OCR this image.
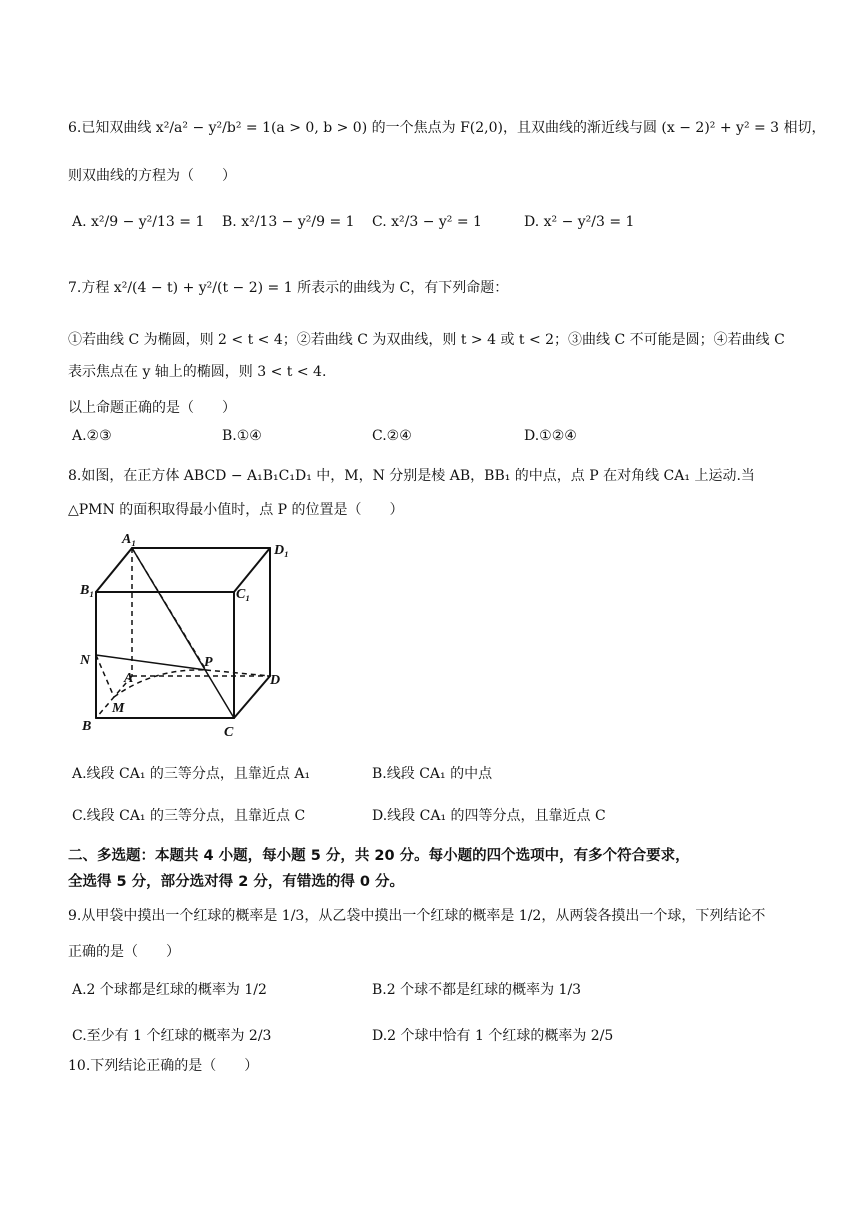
6.已知双曲线 x²/a² − y²/b² = 1(a > 0, b > 0) 的一个焦点为 F(2,0)，且双曲线的渐近线与圆 (x − 2)² + y² = 3 相切，
则双曲线的方程为（　　）
A. x²/9 − y²/13 = 1 B. x²/13 − y²/9 = 1 C. x²/3 − y² = 1	D. x² − y²/3 = 1
7.方程 x²/(4 − t) + y²/(t − 2) = 1 所表示的曲线为 C，有下列命题：
①若曲线 C 为椭圆，则 2 < t < 4；②若曲线 C 为双曲线，则 t > 4 或 t < 2；③曲线 C 不可能是圆；④若曲线 C
表示焦点在 y 轴上的椭圆，则 3 < t < 4.
以上命题正确的是（　　）
A.②③	B.①④	C.②④	D.①②④
8.如图，在正方体 ABCD − A₁B₁C₁D₁ 中，M，N 分别是棱 AB，BB₁ 的中点，点 P 在对角线 CA₁ 上运动.当
△PMN 的面积取得最小值时，点 P 的位置是（　　）
A₁
D₁
B₁	C₁
N	P
A	D
M
B	C
A.线段 CA₁ 的三等分点，且靠近点 A₁	B.线段 CA₁ 的中点
C.线段 CA₁ 的三等分点，且靠近点 C	D.线段 CA₁ 的四等分点，且靠近点 C
二、多选题：本题共 4 小题，每小题 5 分，共 20 分。每小题的四个选项中，有多个符合要求，
全选得 5 分，部分选对得 2 分，有错选的得 0 分。
9.从甲袋中摸出一个红球的概率是 1/3，从乙袋中摸出一个红球的概率是 1/2，从两袋各摸出一个球，下列结论不
正确的是（　　）
A.2 个球都是红球的概率为 1/2	B.2 个球不都是红球的概率为 1/3
C.至少有 1 个红球的概率为 2/3	D.2 个球中恰有 1 个红球的概率为 2/5
10.下列结论正确的是（　　）
